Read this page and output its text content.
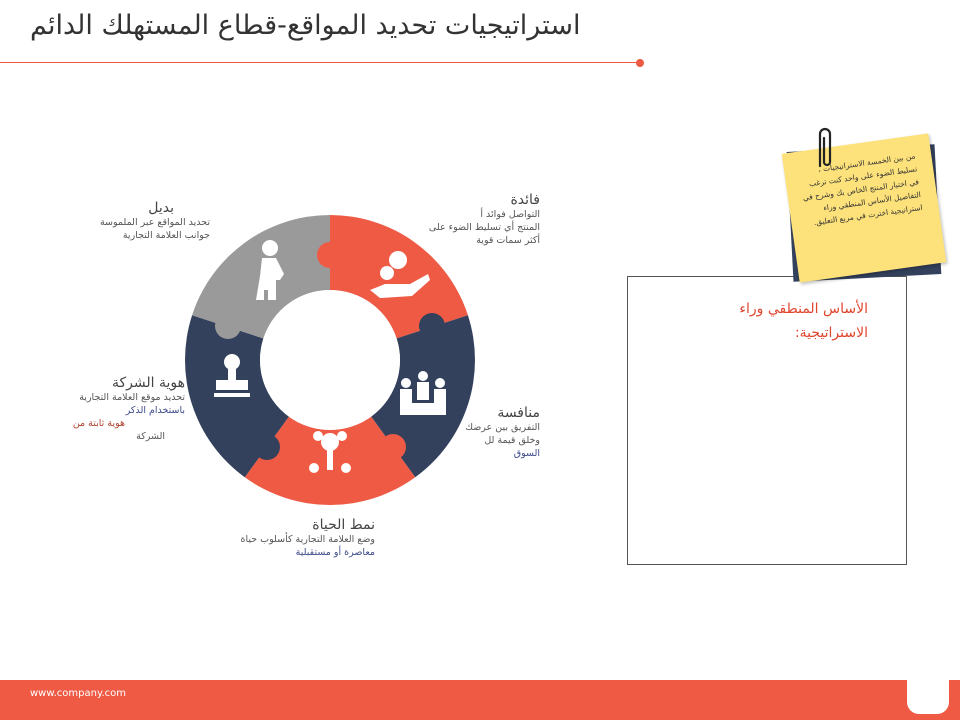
استراتيجيات تحديد المواقع-قطاع المستهلك الدائم
فائدة
التواصل فوائد أ
المنتج أي تسليط الضوء على
أكثر سمات قوية
منافسة
التفريق بين عرضك
وخلق قيمة لل
السوق
نمط الحياة
وضع العلامة التجارية كأسلوب حياة
معاصرة أو مستقبلية
هوية الشركة
تحديد موقع العلامة التجارية
باستخدام الذكر
هوية ثابتة من
الشركة
بديل
تحديد المواقع عبر الملموسة
جوانب العلامة التجارية
الأساس المنطقي وراء الاستراتيجية:
من بين الخمسة الاستراتيجيات ، تسليط الضوء على واحد كنت ترغب في اختيار المنتج الخاص بك وشرح في التفاصيل الأساس المنطقي وراء استراتيجية اخترت في مربع التعليق.
www.company.com
